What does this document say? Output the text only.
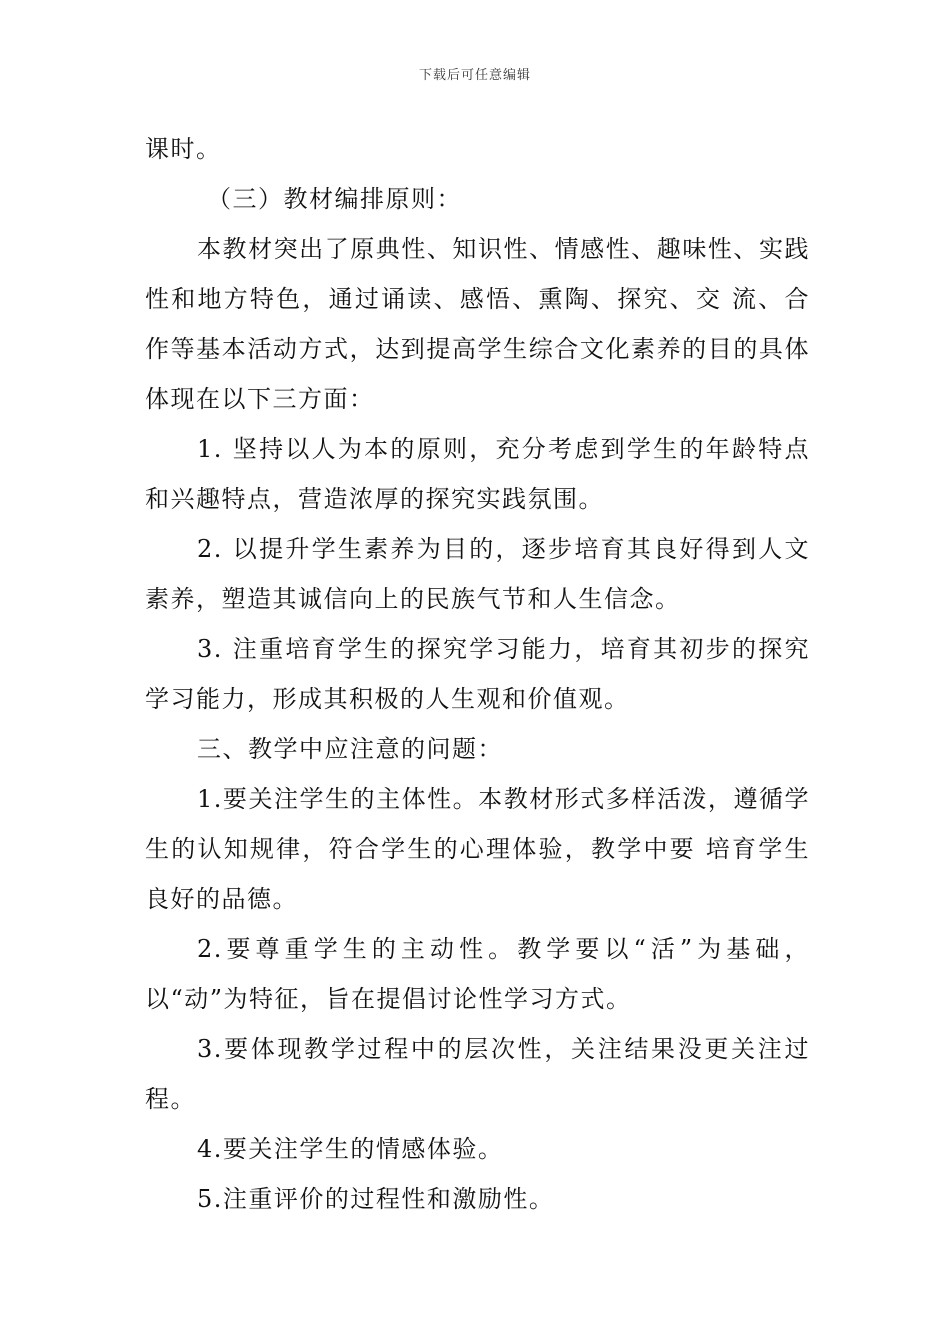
下载后可任意编辑

课时。

（三）教材编排原则：

本教材突出了原典性、知识性、情感性、趣味性、实践性和地方特色，通过诵读、感悟、熏陶、探究、交 流、合作等基本活动方式，达到提高学生综合文化素养的目的具体体现在以下三方面：

1. 坚持以人为本的原则，充分考虑到学生的年龄特点和兴趣特点，营造浓厚的探究实践氛围。

2. 以提升学生素养为目的，逐步培育其良好得到人文素养，塑造其诚信向上的民族气节和人生信念。

3. 注重培育学生的探究学习能力，培育其初步的探究学习能力，形成其积极的人生观和价值观。

三、教学中应注意的问题：

1.要关注学生的主体性。本教材形式多样活泼，遵循学生的认知规律，符合学生的心理体验，教学中要 培育学生良好的品德。

2.要尊重学生的主动性。教学要以“活”为基础，以“动”为特征，旨在提倡讨论性学习方式。

3.要体现教学过程中的层次性，关注结果没更关注过程。

4.要关注学生的情感体验。

5.注重评价的过程性和激励性。
